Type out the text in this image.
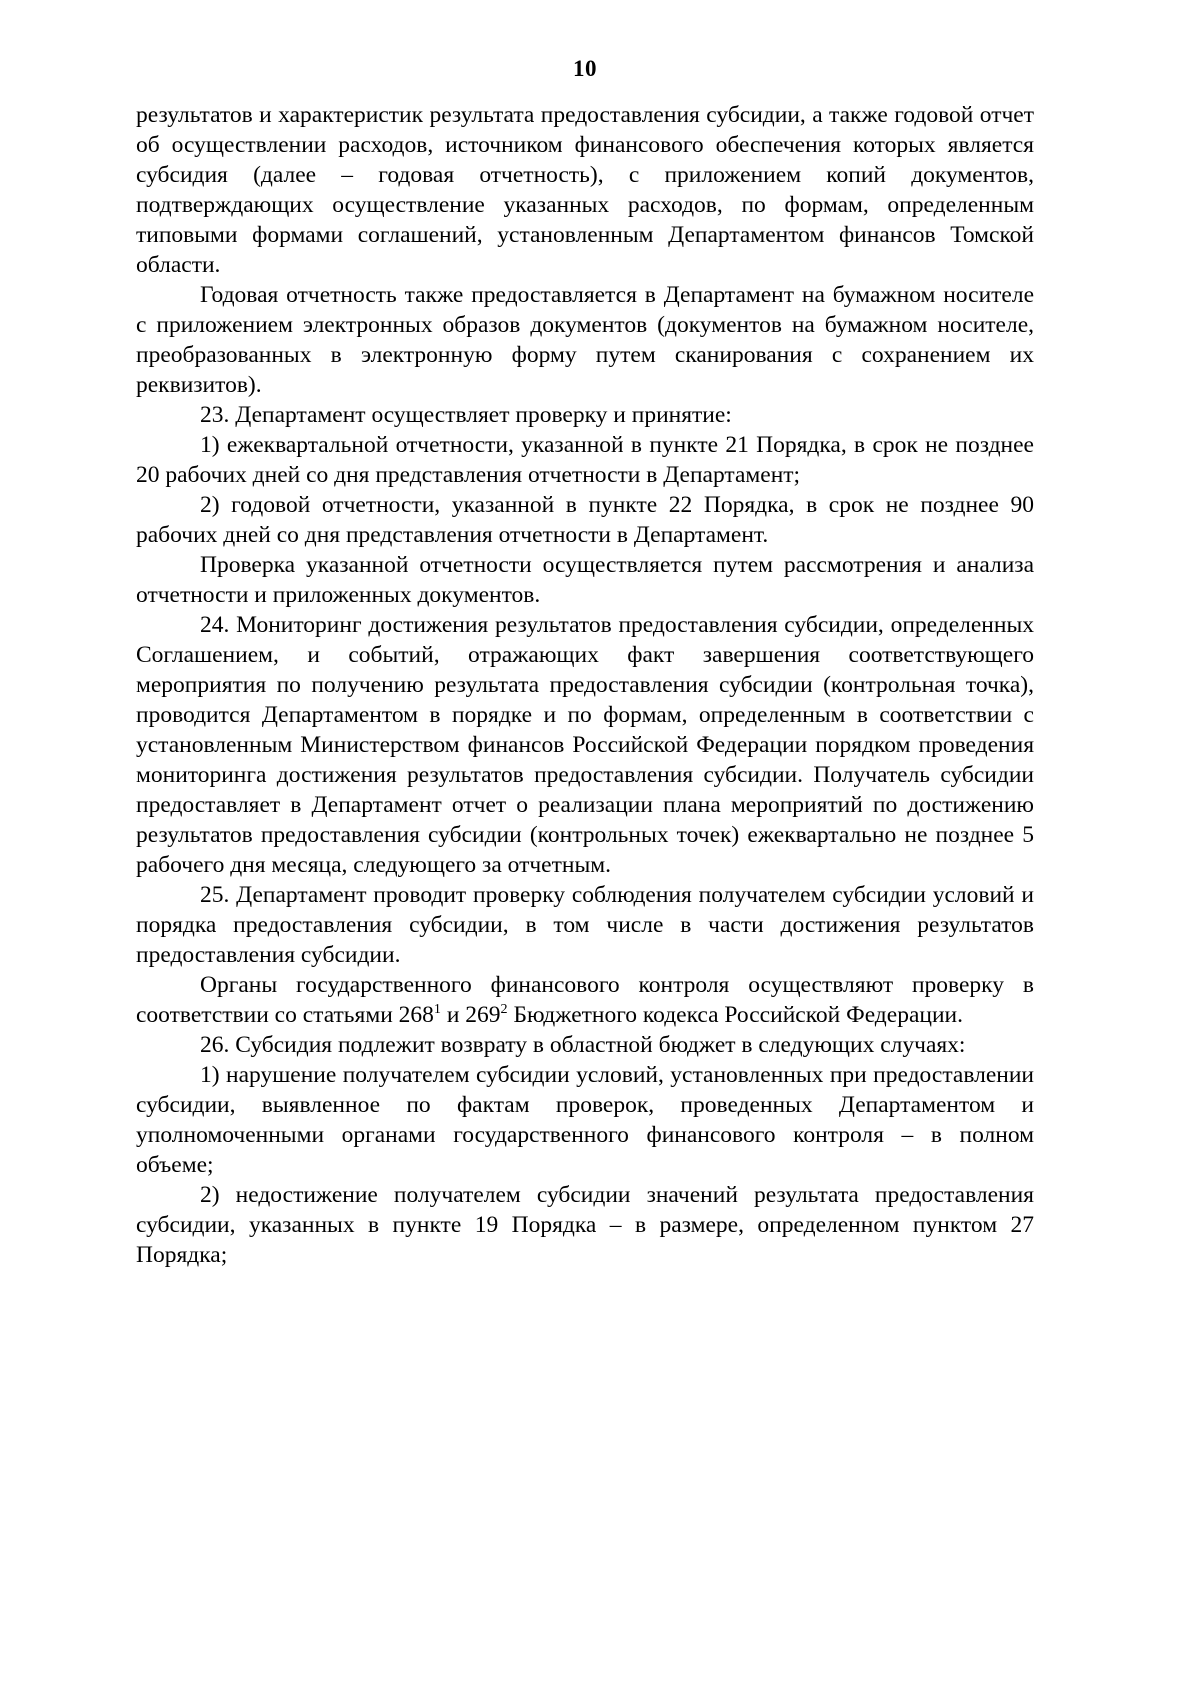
10

результатов и характеристик результата предоставления субсидии, а также годовой отчет об осуществлении расходов, источником финансового обеспечения которых является субсидия (далее – годовая отчетность), с приложением копий документов, подтверждающих осуществление указанных расходов, по формам, определенным типовыми формами соглашений, установленным Департаментом финансов Томской области.

Годовая отчетность также предоставляется в Департамент на бумажном носителе с приложением электронных образов документов (документов на бумажном носителе, преобразованных в электронную форму путем сканирования с сохранением их реквизитов).

23. Департамент осуществляет проверку и принятие:

1) ежеквартальной отчетности, указанной в пункте 21 Порядка, в срок не позднее 20 рабочих дней со дня представления отчетности в Департамент;

2) годовой отчетности, указанной в пункте 22 Порядка, в срок не позднее 90 рабочих дней со дня представления отчетности в Департамент.

Проверка указанной отчетности осуществляется путем рассмотрения и анализа отчетности и приложенных документов.

24. Мониторинг достижения результатов предоставления субсидии, определенных Соглашением, и событий, отражающих факт завершения соответствующего мероприятия по получению результата предоставления субсидии (контрольная точка), проводится Департаментом в порядке и по формам, определенным в соответствии с установленным Министерством финансов Российской Федерации порядком проведения мониторинга достижения результатов предоставления субсидии. Получатель субсидии предоставляет в Департамент отчет о реализации плана мероприятий по достижению результатов предоставления субсидии (контрольных точек) ежеквартально не позднее 5 рабочего дня месяца, следующего за отчетным.

25. Департамент проводит проверку соблюдения получателем субсидии условий и порядка предоставления субсидии, в том числе в части достижения результатов предоставления субсидии.

Органы государственного финансового контроля осуществляют проверку в соответствии со статьями $268^1$ и $269^2$ Бюджетного кодекса Российской Федерации.

26. Субсидия подлежит возврату в областной бюджет в следующих случаях:

1) нарушение получателем субсидии условий, установленных при предоставлении субсидии, выявленное по фактам проверок, проведенных Департаментом и уполномоченными органами государственного финансового контроля – в полном объеме;

2) недостижение получателем субсидии значений результата предоставления субсидии, указанных в пункте 19 Порядка – в размере, определенном пунктом 27 Порядка;
